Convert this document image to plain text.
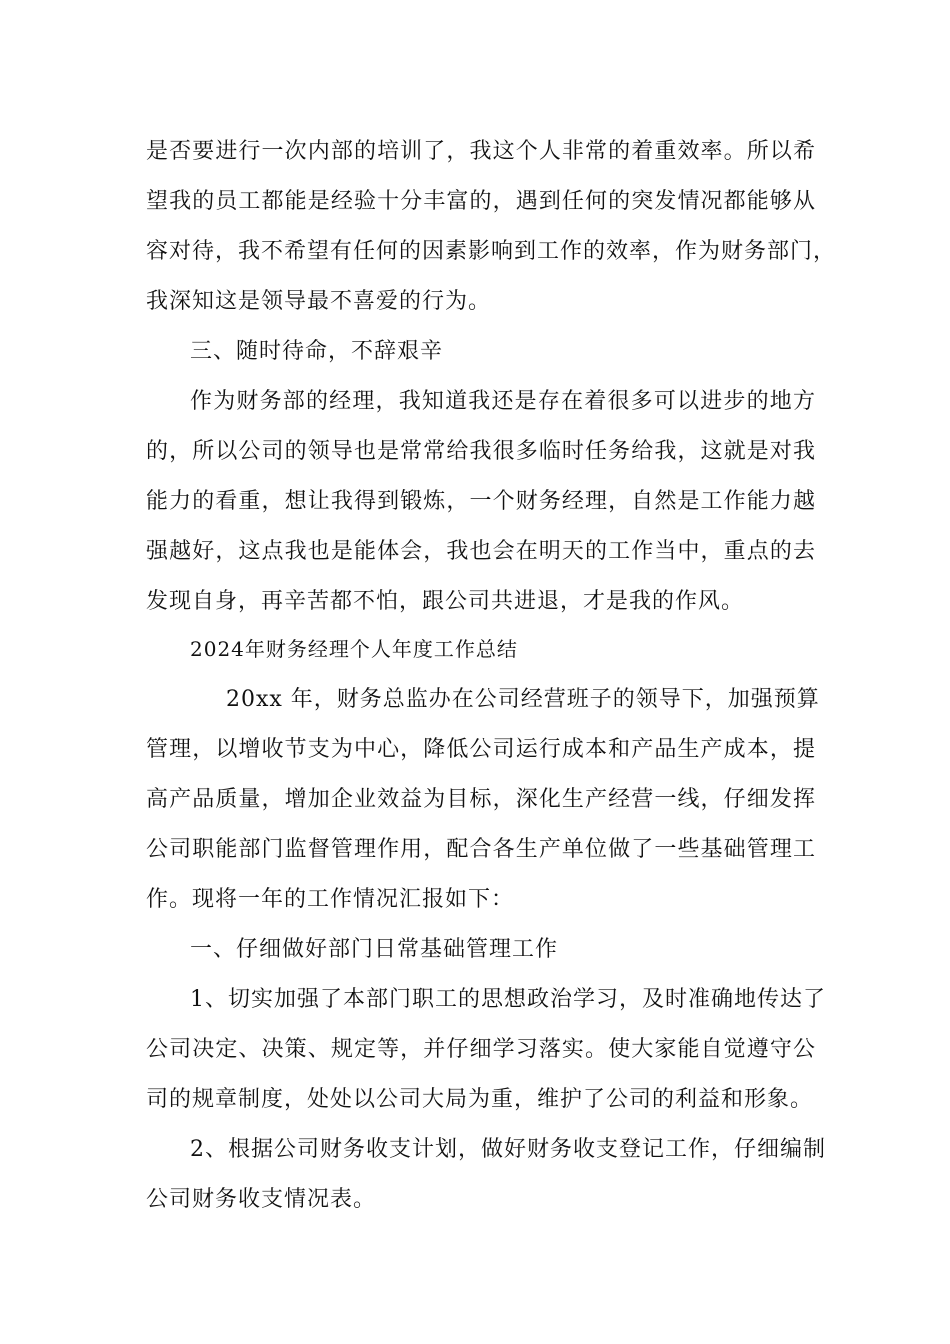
是否要进行一次内部的培训了，我这个人非常的着重效率。所以希
望我的员工都能是经验十分丰富的，遇到任何的突发情况都能够从
容对待，我不希望有任何的因素影响到工作的效率，作为财务部门，
我深知这是领导最不喜爱的行为。
三、随时待命，不辞艰辛
作为财务部的经理，我知道我还是存在着很多可以进步的地方
的，所以公司的领导也是常常给我很多临时任务给我，这就是对我
能力的看重，想让我得到锻炼，一个财务经理，自然是工作能力越
强越好，这点我也是能体会，我也会在明天的工作当中，重点的去
发现自身，再辛苦都不怕，跟公司共进退，才是我的作风。
2024年财务经理个人年度工作总结
20xx 年，财务总监办在公司经营班子的领导下，加强预算
管理，以增收节支为中心，降低公司运行成本和产品生产成本，提
高产品质量，增加企业效益为目标，深化生产经营一线，仔细发挥
公司职能部门监督管理作用，配合各生产单位做了一些基础管理工
作。现将一年的工作情况汇报如下：
一、仔细做好部门日常基础管理工作
1、切实加强了本部门职工的思想政治学习，及时准确地传达了
公司决定、决策、规定等，并仔细学习落实。使大家能自觉遵守公
司的规章制度，处处以公司大局为重，维护了公司的利益和形象。
2、根据公司财务收支计划，做好财务收支登记工作，仔细编制
公司财务收支情况表。
